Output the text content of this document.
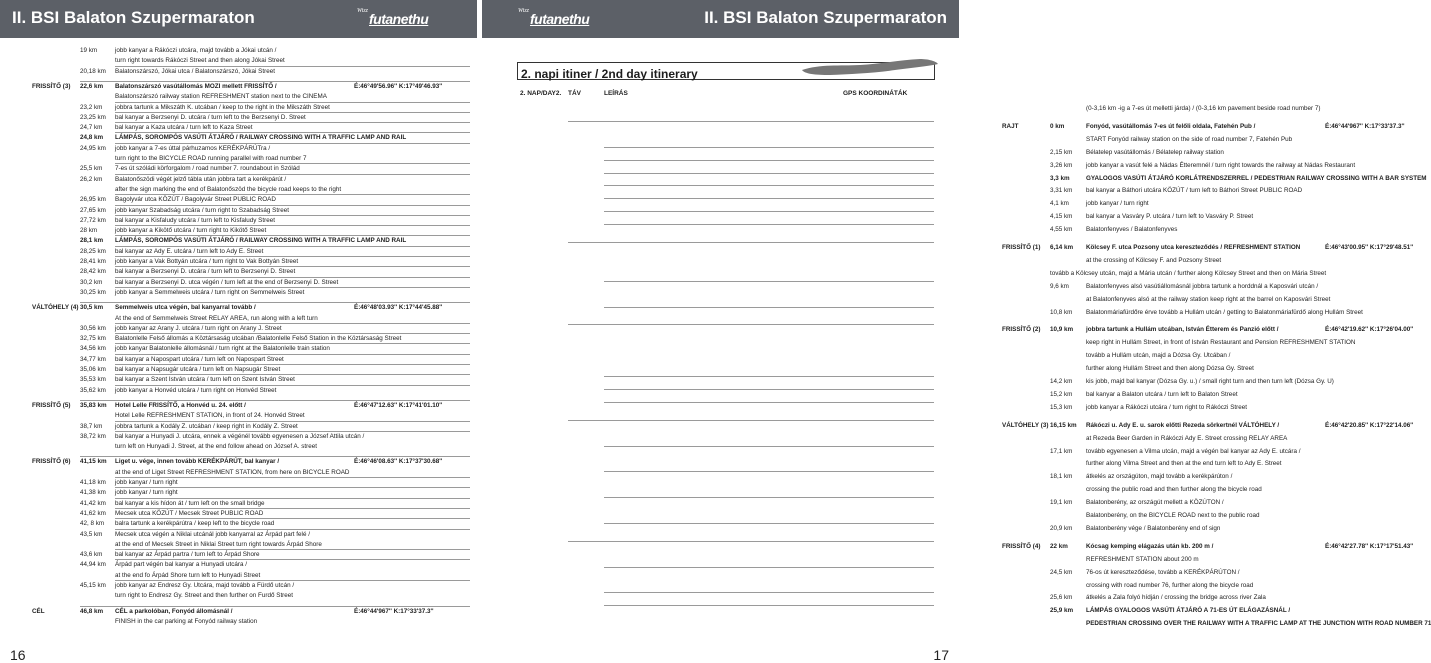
II. BSI Balaton Szupermaraton	Wizz futanethu	Wizz futanethu	II. BSI Balaton Szupermaraton
19 km	jobb kanyar a Rákóczi utcára, majd tovább a Jókai utcán /
turn right towards Rákóczi Street and then along Jókai Street
20,18 km Balatonszárszó, Jókai utca / Balatonszárszó, Jókai Street
FRISSÍTŐ (3) 22,6 km Balatonszárszó vasútállomás MOZI mellett FRISSÍTŐ /	É:46°49'56.96'' K:17°49'46.93''
Balatonszárszó railway station REFRESHMENT station next to the CINEMA
23,2 km jobbra tartunk a Mikszáth K. utcában / keep to the right in the Mikszáth Street
23,25 km bal kanyar a Berzsenyi D. utcára / turn left to the Berzsenyi D. Street
24,7 km bal kanyar a Kaza utcára / turn left to Kaza Street
24,8 km LÁMPÁS, SOROMPÓS VASÚTI ÁTJÁRÓ / RAILWAY CROSSING WITH A TRAFFIC LAMP AND RAIL
24,95 km jobb kanyar a 7-es úttal párhuzamos KERÉKPÁRÚTra /
turn right to the BICYCLE ROAD running parallel with road number 7
25,5 km 7-es út szóládi körforgalom / road number 7. roundabout in Szólád
26,2 km Balatonőszödi végét jelző tábla után jobbra tart a kerékpárút /
after the sign marking the end of Balatonőszöd the bicycle road keeps to the right
26,95 km Bagolyvár utca KÖZÚT / Bagolyvár Street PUBLIC ROAD
27,65 km jobb kanyar Szabadság utcára / turn right to Szabadság Street
27,72 km bal kanyar a Kisfaludy utcára / turn left to Kisfaludy Street
28 km	jobb kanyar a Kikötő utcára / turn right to Kikötő Street
28,1 km LÁMPÁS, SOROMPÓS VASÚTI ÁTJÁRÓ / RAILWAY CROSSING WITH A TRAFFIC LAMP AND RAIL
28,25 km bal kanyar az Ady E. utcára / turn left to Ady E. Street
28,41 km jobb kanyar a Vak Bottyán utcára / turn right to Vak Bottyán Street
28,42 km bal kanyar a Berzsenyi D. utcára / turn left to Berzsenyi D. Street
30,2 km bal kanyar a Berzsenyi D. utca végén / turn left at the end of Berzsenyi D. Street
30,25 km jobb kanyar a Semmelweis utcára / turn right on Semmelweis Street
VÁLTÓHELY (4) 30,5 km Semmelweis utca végén, bal kanyarral tovább /	É:46°48'03.93'' K:17°44'45.88''
At the end of Semmelweis Street RELAY AREA, run along with a left turn
30,56 km jobb kanyar az Arany J. utcára / turn right on Arany J. Street
32,75 km Balatonlelle Felső állomás a Köztársaság utcában /Balatonlelle Felső Station in the Köztársaság Street
34,56 km jobb kanyar Balatonlelle állomásnál / turn right at the Balatonlelle train station
34,77 km bal kanyar a Napospart utcára / turn left on Napospart Street
35,06 km bal kanyar a Napsugár utcára / turn left on Napsugár Street
35,53 km bal kanyar a Szent István utcára / turn left on Szent István Street
35,62 km jobb kanyar a Honvéd utcára / turn right on Honvéd Street
FRISSÍTŐ (5) 35,83 km Hotel Lelle FRISSÍTŐ, a Honvéd u. 24. előtt /	É:46°47'12.63'' K:17°41'01.10''
Hotel Lelle REFRESHMENT STATION, in front of 24. Honvéd Street
38,7 km jobbra tartunk a Kodály Z. utcában / keep right in Kodály Z. Street
38,72 km bal kanyar a Hunyadi J. utcára, ennek a végénél tovább egyenesen a József Attila utcán /
turn left on Hunyadi J. Street, at the end follow ahead on József A. street
FRISSÍTŐ (6) 41,15 km Liget u. vége, innen tovább KERÉKPÁRÚT, bal kanyar /	É:46°46'08.63'' K:17°37'30.68''
at the end of Liget Street REFRESHMENT STATION, from here on BICYCLE ROAD
41,18 km jobb kanyar / turn right
41,38 km jobb kanyar / turn right
41,42 km bal kanyar a kis hídon át / turn left on the small bridge
41,62 km Mecsek utca KÖZÚT / Mecsek Street PUBLIC ROAD
42, 8 km balra tartunk a kerékpárútra / keep left to the bicycle road
43,5 km Mecsek utca végén a Niklai utcánál jobb kanyarral az Árpád part felé /
at the end of Mecsek Street in Niklai Street turn right towards Árpád Shore
43,6 km bal kanyar az Árpád partra / turn left to Árpád Shore
44,94 km Árpád part végén bal kanyar a Hunyadi utcára /
at the end fo Árpád Shore turn left to Hunyadi Street
45,15 km jobb kanyar az Endresz Gy. Utcára, majd tovább a Fürdő utcán /
turn right to Endresz Gy. Street and then further on Furdő Street
CÉL	46,8 km CÉL a parkolóban, Fonyód állomásnál /	É:46°44'967'' K:17°33'37.3''
FINISH in the car parking at Fonyód railway station
2. napi itiner / 2nd day itinerary
2. NAP/DAY2. TÁV	LEÍRÁS	GPS KOORDINÁTÁK
(0-3,16 km -ig a 7-es út melletti járda) / (0-3,16 km pavement beside road number 7)
RAJT	0 km	Fonyód, vasútállomás 7-es út felőli oldala, Fatehén Pub /	É:46°44'967'' K:17°33'37.3''
START Fonyód railway station on the side of road number 7, Fatehén Pub
2,15 km Bélatelep vasútállomás / Bélatelep railway station
3,26 km jobb kanyar a vasút felé a Nádas Étteremnél / turn right towards the railway at Nádas Restaurant
3,3 km	GYALOGOS VASÚTI ÁTJÁRÓ KORLÁTRENDSZERREL / PEDESTRIAN RAILWAY CROSSING WITH A BAR SYSTEM
3,31 km bal kanyar a Báthori utcára KÖZÚT / turn left to Báthori Street PUBLIC ROAD
4,1 km	jobb kanyar / turn right
4,15 km bal kanyar a Vasváry P. utcára / turn left to Vasváry P. Street
4,55 km Balatonfenyves / Balatonfenyves
FRISSÍTŐ (1) 6,14 km Kölcsey F. utca Pozsony utca kereszteződés / REFRESHMENT STATION	É:46°43'00.95'' K:17°29'48.51''
at the crossing of Kölcsey F. and Pozsony Street
tovább a Kölcsey utcán, majd a Mária utcán / further along Kölcsey Street and then on Mária Street
9,6 km	Balatonfenyves alsó vasútiállomásnál jobbra tartunk a horddnál a Kaposvári utcán /
at Balatonfenyves alsó at the railway station keep right at the barrel on Kaposvári Street
10,8 km Balatonmáriafürdőre érve tovább a Hullám utcán / getting to Balatonmáriafürdő along Hullám Street
FRISSÍTŐ (2) 10,9 km jobbra tartunk a Hullám utcában, István Étterem és Panzió előtt /	É:46°42'19.62'' K:17°26'04.00''
keep right in Hullám Street, in front of István Restaurant and Pension REFRESHMENT STATION
tovább a Hullám utcán, majd a Dózsa Gy. Utcában /
further along Hullám Street and then along Dózsa Gy. Street
14,2 km kis jobb, majd bal kanyar (Dózsa Gy. u.) / small right turn and then turn left (Dózsa Gy. U)
15,2 km bal kanyar a Balaton utcára / turn left to Balaton Street
15,3 km jobb kanyar a Rákóczi utcára / turn right to Rákóczi Street
VÁLTÓHELY (3) 16,15 km Rákóczi u. Ady E. u. sarok előtti Rezeda sörkertnél VÁLTÓHELY /	É:46°42'20.85'' K:17°22'14.06''
at Rezeda Beer Garden in Rákóczi Ady E. Street crossing RELAY AREA
17,1 km tovább egyenesen a Vilma utcán, majd a végén bal kanyar az Ady E. utcára /
further along Vilma Street and then at the end turn left to Ady E. Street
18,1 km átkelés az országúton, majd tovább a kerékpárúton /
crossing the public road and then further along the bicycle road
19,1 km Balatonberény, az országút mellett a KÖZÚTON /
Balatonberény, on the BICYCLE ROAD next to the public road
20,9 km Balatonberény vége / Balatonberény end of sign
FRISSÍTŐ (4) 22 km	Kócsag kemping elágazás után kb. 200 m /	É:46°42'27.78'' K:17°17'51.43''
REFRESHMENT STATION about 200 m
24,5 km 76-os út kereszteződése, tovább a KERÉKPÁRÚTON /
crossing with road number 76, further along the bicycle road
25,6 km átkelés a Zala folyó hídján / crossing the bridge across river Zala
25,9 km LÁMPÁS GYALOGOS VASÚTI ÁTJÁRÓ A 71-ES ÚT ELÁGAZÁSNÁL /
PEDESTRIAN CROSSING OVER THE RAILWAY WITH A TRAFFIC LAMP AT THE JUNCTION WITH ROAD NUMBER 71
16	17
